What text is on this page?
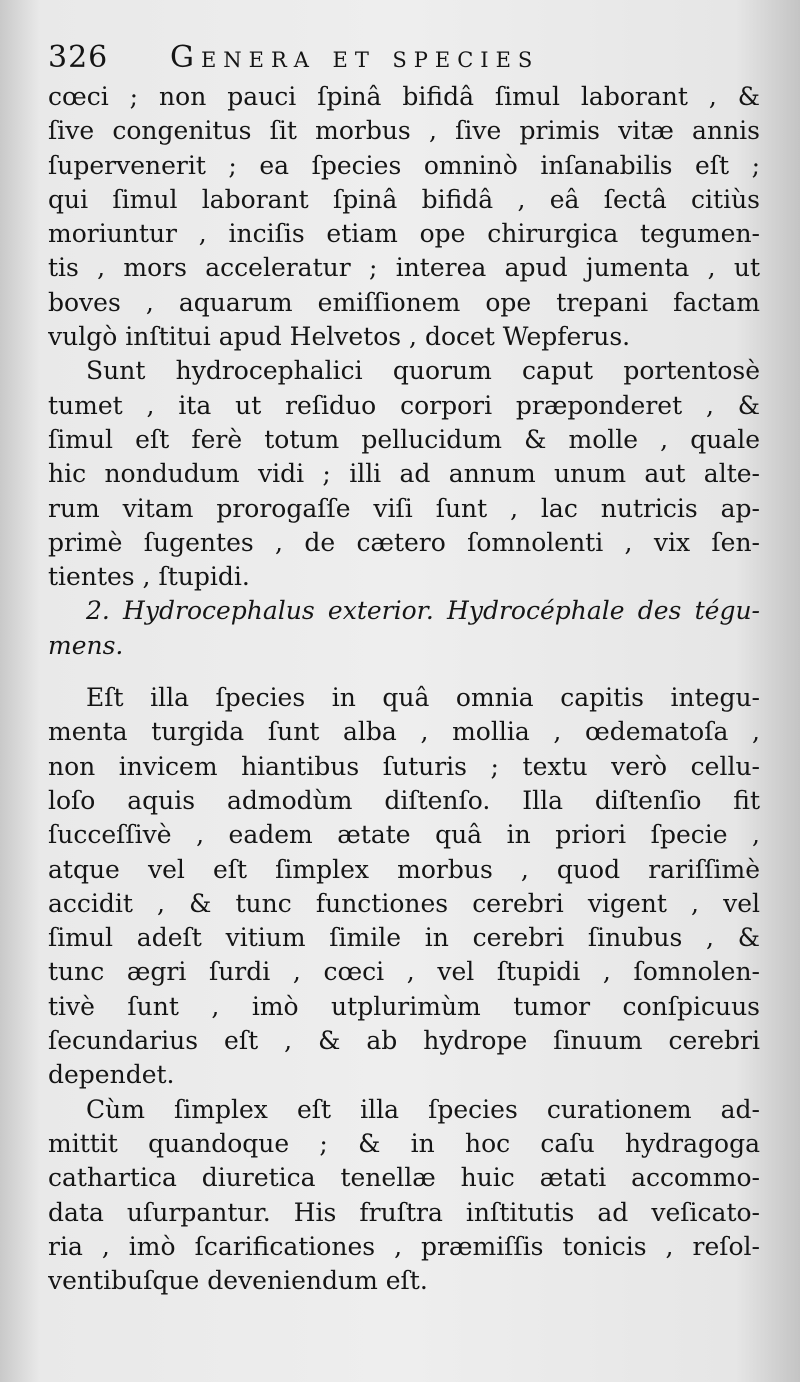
326 Genera et species
cœci ; non pauci ſpinâ bifidâ ſimul laborant , &
ſive congenitus ſit morbus , ſive primis vitæ annis
ſupervenerit ; ea ſpecies omninò inſanabilis eſt ;
qui ſimul laborant ſpinâ bifidâ , eâ ſectâ citiùs
moriuntur , inciſis etiam ope chirurgica tegumen-
tis , mors acceleratur ; interea apud jumenta , ut
boves , aquarum emiſſionem ope trepani factam
vulgò inſtitui apud Helvetos , docet Wepferus.
Sunt hydrocephalici quorum caput portentosè
tumet , ita ut reſiduo corpori præponderet , &
ſimul eſt ferè totum pellucidum & molle , quale
hic nondudum vidi ; illi ad annum unum aut alte-
rum vitam prorogaſſe viſi ſunt , lac nutricis ap-
primè ſugentes , de cætero ſomnolenti , vix ſen-
tientes , ſtupidi.
2. Hydrocephalus exterior. Hydrocéphale des tégu-
mens.
Eſt illa ſpecies in quâ omnia capitis integu-
menta turgida ſunt alba , mollia , œdematoſa ,
non invicem hiantibus ſuturis ; textu verò cellu-
loſo aquis admodùm diſtenſo. Illa diſtenſio fit
ſucceſſivè , eadem ætate quâ in priori ſpecie ,
atque vel eſt ſimplex morbus , quod rariſſimè
accidit , & tunc functiones cerebri vigent , vel
ſimul adeſt vitium ſimile in cerebri ſinubus , &
tunc ægri ſurdi , cœci , vel ſtupidi , ſomnolen-
tivè ſunt , imò utplurimùm tumor conſpicuus
ſecundarius eſt , & ab hydrope ſinuum cerebri
dependet.
Cùm ſimplex eſt illa ſpecies curationem ad-
mittit quandoque ; & in hoc caſu hydragoga
cathartica diuretica tenellæ huic ætati accommo-
data uſurpantur. His fruſtra inſtitutis ad veſicato-
ria , imò ſcarificationes , præmiſſis tonicis , reſol-
ventibuſque deveniendum eſt.
